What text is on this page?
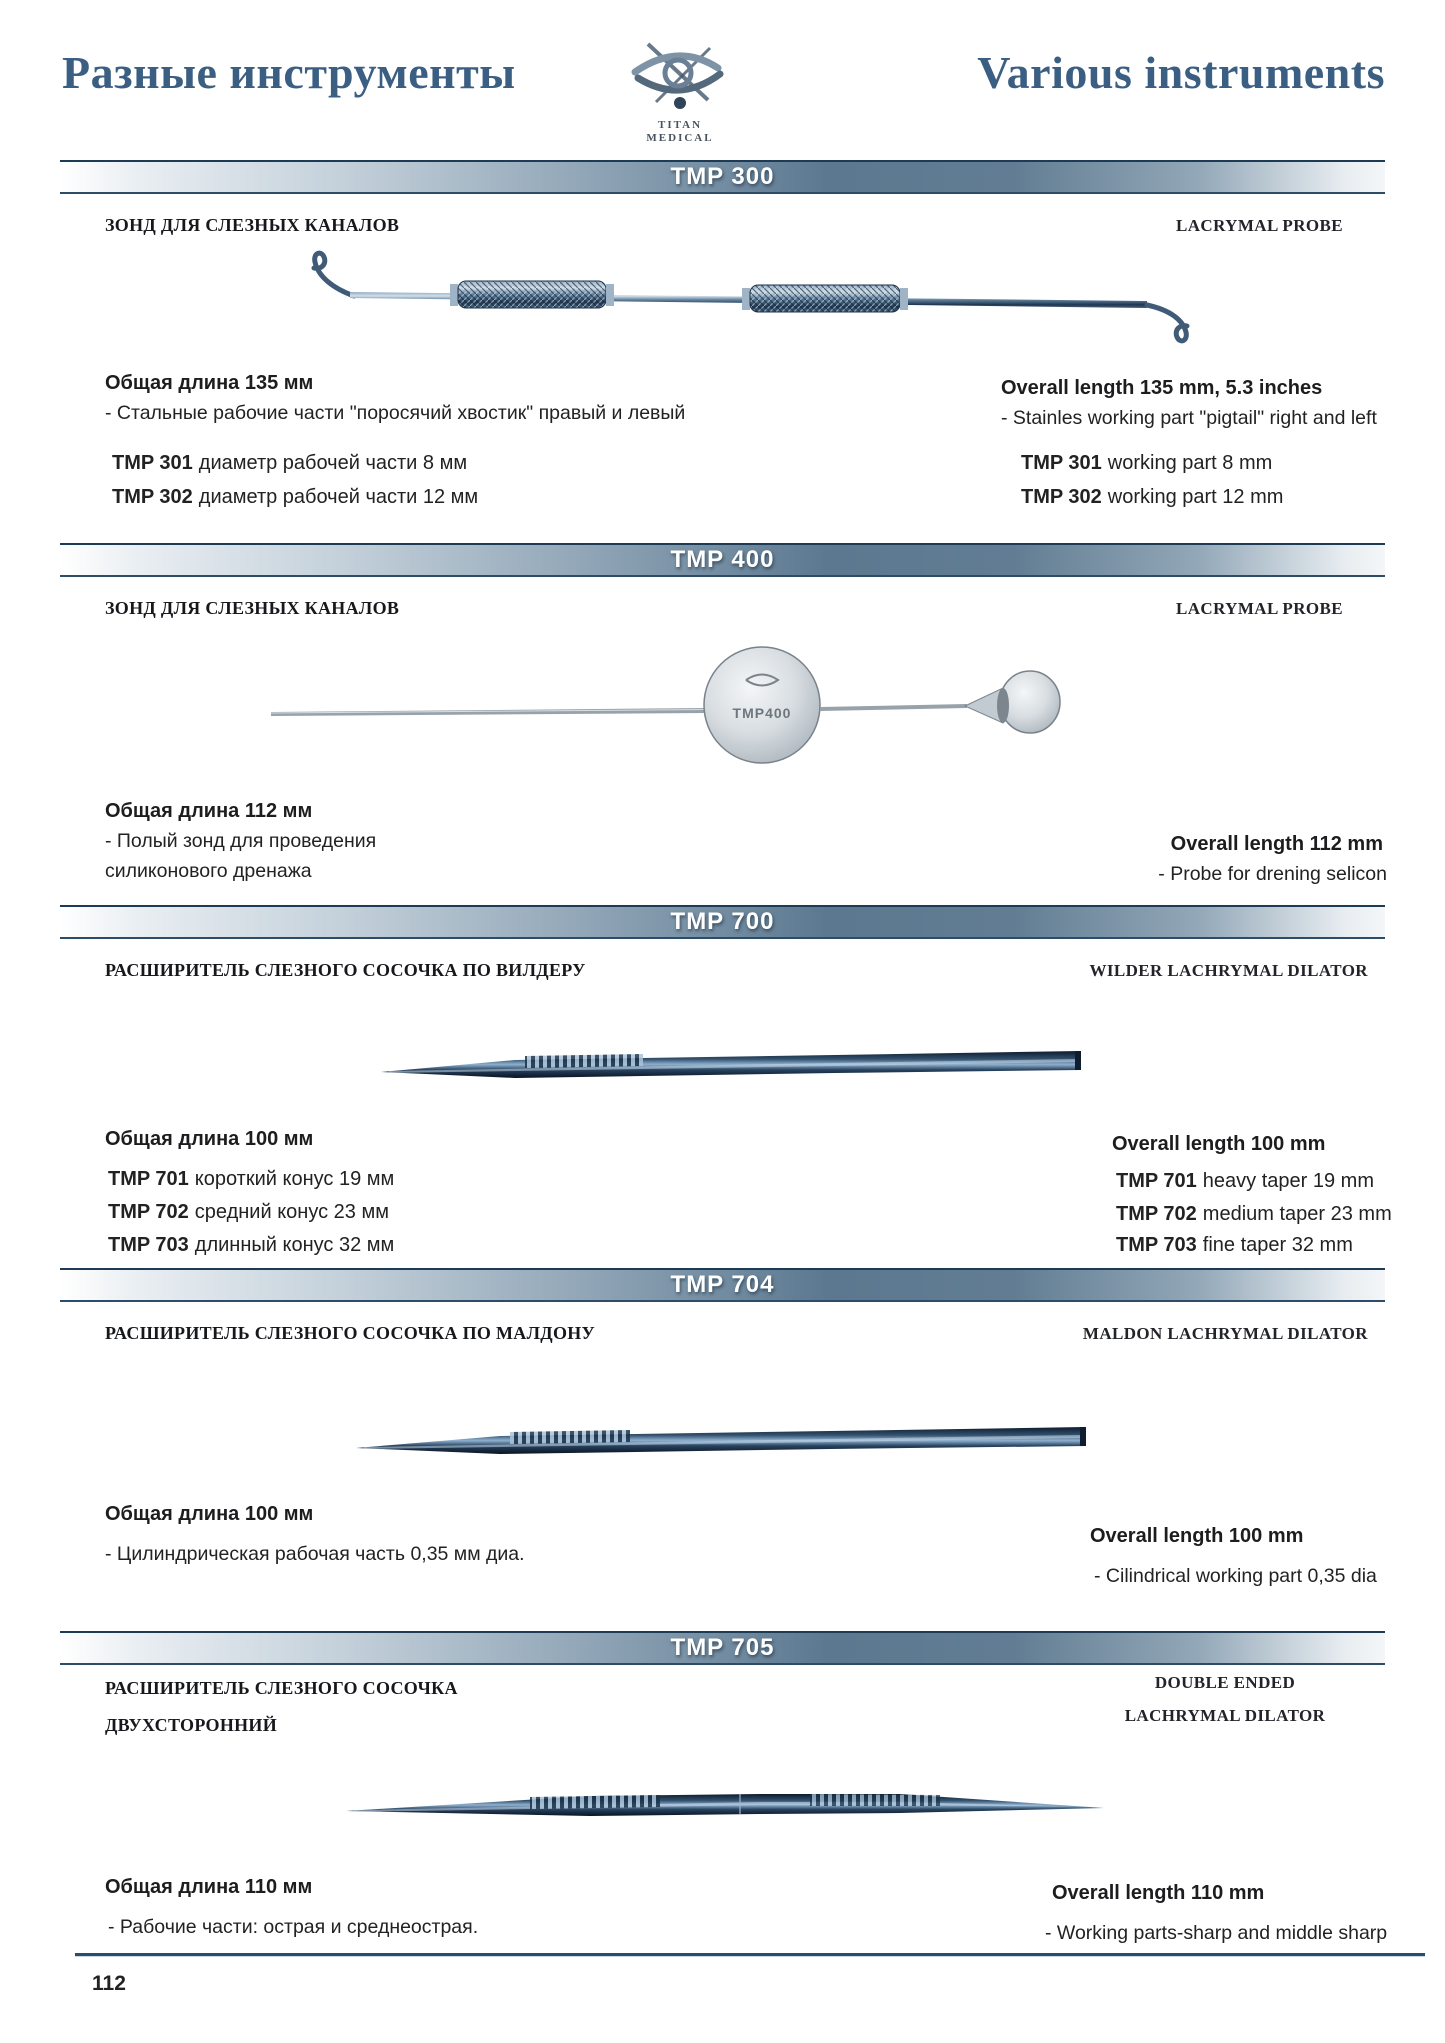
Разные инструменты
TITAN
MEDICAL
Various instruments
TMP 300
ЗОНД ДЛЯ СЛЕЗНЫХ КАНАЛОВ	LACRYMAL PROBE
Общая длина 135 мм
- Стальные рабочие части "поросячий хвостик" правый и левый
TMP 301 диаметр рабочей части 8 мм
TMP 302 диаметр рабочей части 12 мм
Overall length 135 mm, 5.3 inches
- Stainles working part "pigtail" right and left
TMP 301 working part 8 mm
TMP 302 working part 12 mm
TMP 400
ЗОНД ДЛЯ СЛЕЗНЫХ КАНАЛОВ	LACRYMAL PROBE
TMP400
Общая длина 112 мм
- Полый зонд для проведения
силиконового дренажа
Overall length 112 mm
- Probe for drening selicon
TMP 700
РАСШИРИТЕЛЬ СЛЕЗНОГО СОСОЧКА ПО ВИЛДЕРУ	WILDER LACHRYMAL DILATOR
Общая длина 100 мм
TMP 701 короткий конус 19 мм
TMP 702 средний конус 23 мм
TMP 703 длинный конус 32 мм
Overall length 100 mm
TMP 701 heavy taper 19 mm
TMP 702 medium taper 23 mm
TMP 703 fine taper 32 mm
TMP 704
РАСШИРИТЕЛЬ СЛЕЗНОГО СОСОЧКА ПО МАЛДОНУ	MALDON LACHRYMAL DILATOR
Общая длина 100 мм
- Цилиндрическая рабочая часть 0,35 мм диа.
Overall length 100 mm
- Cilindrical working part 0,35 dia
TMP 705
РАСШИРИТЕЛЬ СЛЕЗНОГО СОСОЧКА ДВУХСТОРОННИЙ
DOUBLE ENDED LACHRYMAL DILATOR
Общая длина 110 мм
- Рабочие части: острая и среднеострая.
Overall length 110 mm
- Working parts-sharp and middle sharp
112
